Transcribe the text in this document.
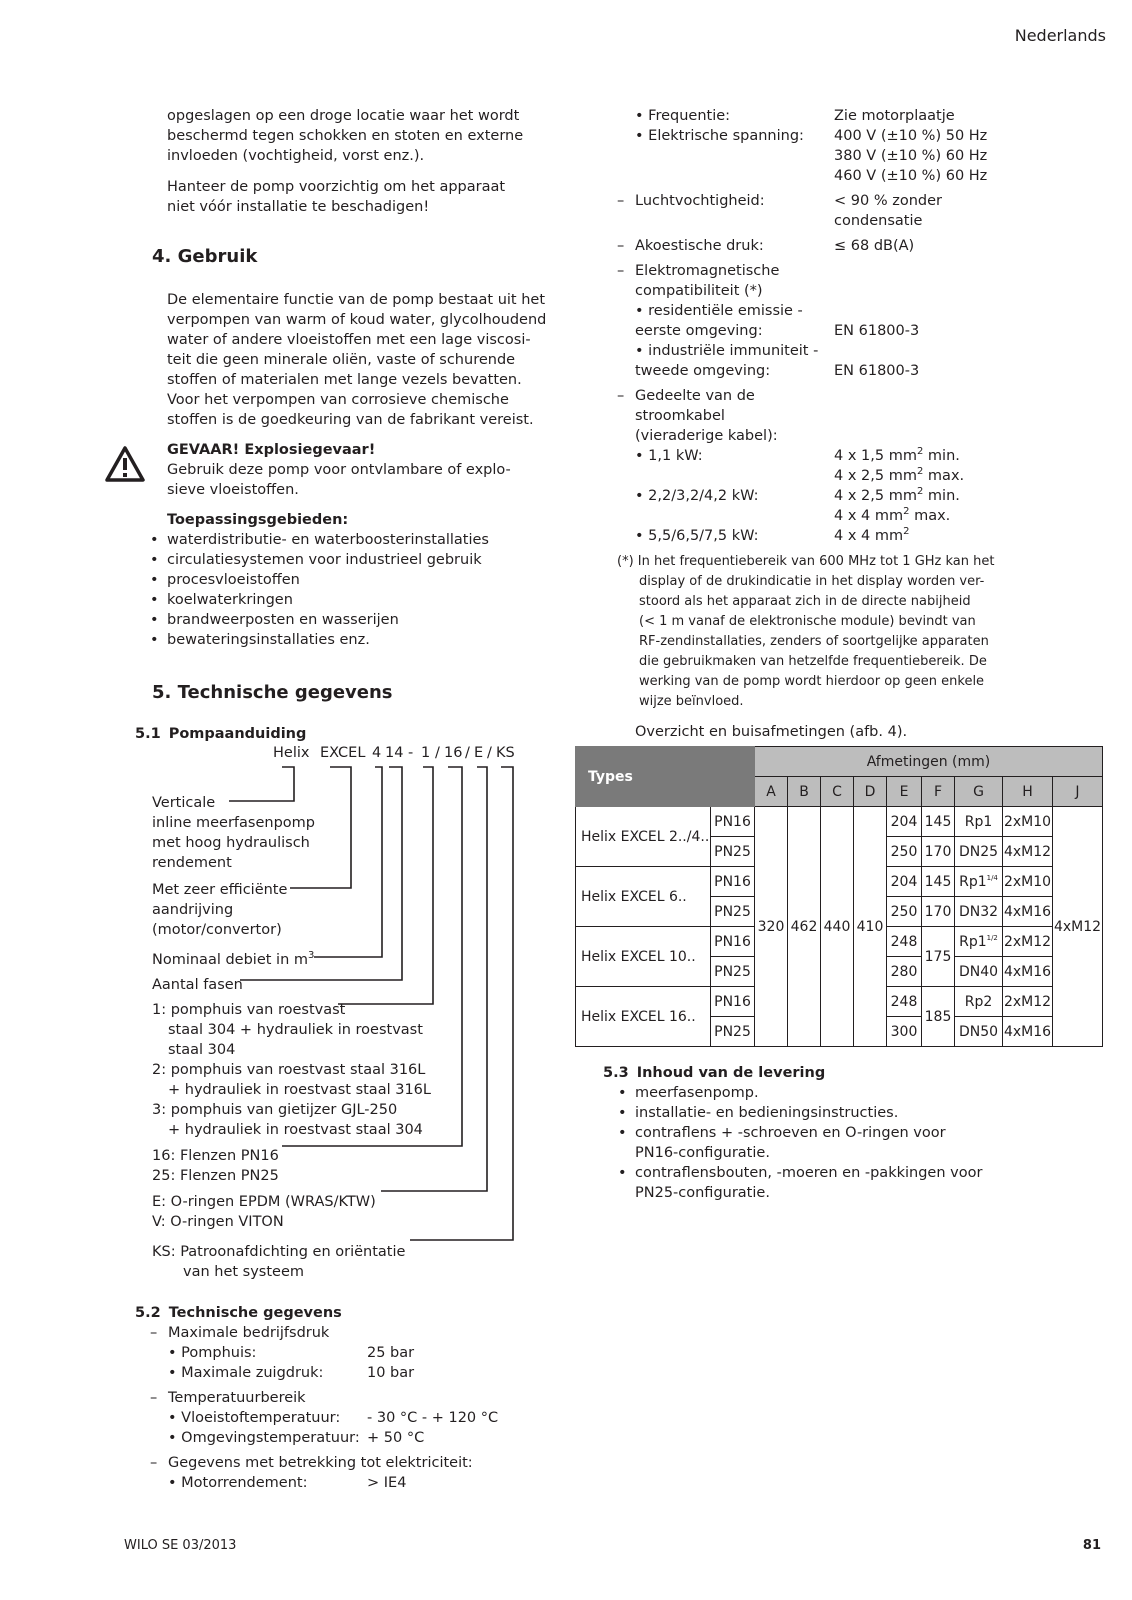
Nederlands
opgeslagen op een droge locatie waar het wordt
beschermd tegen schokken en stoten en externe
invloeden (vochtigheid, vorst enz.).
Hanteer de pomp voorzichtig om het apparaat
niet vóór installatie te beschadigen!
4. Gebruik
De elementaire functie van de pomp bestaat uit het
verpompen van warm of koud water, glycolhoudend
water of andere vloeistoffen met een lage viscosi-
teit die geen minerale oliën, vaste of schurende
stoffen of materialen met lange vezels bevatten.
Voor het verpompen van corrosieve chemische
stoffen is de goedkeuring van de fabrikant vereist.
GEVAAR! Explosiegevaar!
Gebruik deze pomp voor ontvlambare of explo-
sieve vloeistoffen.
Toepassingsgebieden:
• waterdistributie- en waterboosterinstallaties
• circulatiesystemen voor industrieel gebruik
• procesvloeistoffen
• koelwaterkringen
• brandweerposten en wasserijen
• bewateringsinstallaties enz.
5. Technische gegevens
5.1 Pompaanduiding
Helix EXCEL 4 14 - 1 / 16 / E / KS
Verticale
inline meerfasenpomp
met hoog hydraulisch
rendement
Met zeer efficiënte
aandrijving
(motor/convertor)
Nominaal debiet in $m^3$
Aantal fasen
1: pomphuis van roestvast
staal 304 + hydrauliek in roestvast
staal 304
2: pomphuis van roestvast staal 316L
+ hydrauliek in roestvast staal 316L
3: pomphuis van gietijzer GJL-250
+ hydrauliek in roestvast staal 304
16: Flenzen PN16
25: Flenzen PN25
E: O-ringen EPDM (WRAS/KTW)
V: O-ringen VITON
KS: Patroonafdichting en oriëntatie
van het systeem
5.2 Technische gegevens
– Maximale bedrijfsdruk
• Pomphuis:	25 bar
• Maximale zuigdruk:	10 bar
– Temperatuurbereik
• Vloeistoftemperatuur: - 30 °C - + 120 °C
• Omgevingstemperatuur: + 50 °C
– Gegevens met betrekking tot elektriciteit:
• Motorrendement:	> IE4
• Frequentie:	Zie motorplaatje
• Elektrische spanning: 400 V (±10 %) 50 Hz
380 V (±10 %) 60 Hz
460 V (±10 %) 60 Hz
– Luchtvochtigheid:	< 90 % zonder
condensatie
– Akoestische druk:	≤ 68 dB(A)
– Elektromagnetische
compatibiliteit (*)
• residentiële emissie -
eerste omgeving:	EN 61800-3
• industriële immuniteit -
tweede omgeving:	EN 61800-3
– Gedeelte van de
stroomkabel
(vieraderige kabel):
• 1,1 kW:	4 x 1,5 $mm^2$ min.
4 x 2,5 $mm^2$ max.
• 2,2/3,2/4,2 kW:	4 x 2,5 $mm^2$ min.
4 x 4 $mm^2$ max.
• 5,5/6,5/7,5 kW:	4 x 4 $mm^2$
(*) In het frequentiebereik van 600 MHz tot 1 GHz kan het
display of de drukindicatie in het display worden ver-
stoord als het apparaat zich in de directe nabijheid
(< 1 m vanaf de elektronische module) bevindt van
RF-zendinstallaties, zenders of soortgelijke apparaten
die gebruikmaken van hetzelfde frequentiebereik. De
werking van de pomp wordt hierdoor op geen enkele
wijze beïnvloed.
Overzicht en buisafmetingen (afb. 4).
Types		Afmetingen (mm)								
		A	B	C	D	E	F	G	H	J
Helix EXCEL 2../4..	PN16	320	462	440	410	204	145	Rp1	2xM10	4xM12
	PN25					250	170	DN25	4xM12	
Helix EXCEL 6..	PN16					204	145	$Rp1^{1/4}$	2xM10	
	PN25					250	170	DN32	4xM16	
Helix EXCEL 10..	PN16					248	175	$Rp1^{1/2}$	2xM12	
	PN25					280		DN40	4xM16	
Helix EXCEL 16..	PN16					248	185	Rp2	2xM12	
	PN25					300		DN50	4xM16	
5.3 Inhoud van de levering
• meerfasenpomp.
• installatie- en bedieningsinstructies.
• contraflens + -schroeven en O-ringen voor
PN16-configuratie.
• contraflensbouten, -moeren en -pakkingen voor
PN25-configuratie.
WILO SE 03/2013	81
